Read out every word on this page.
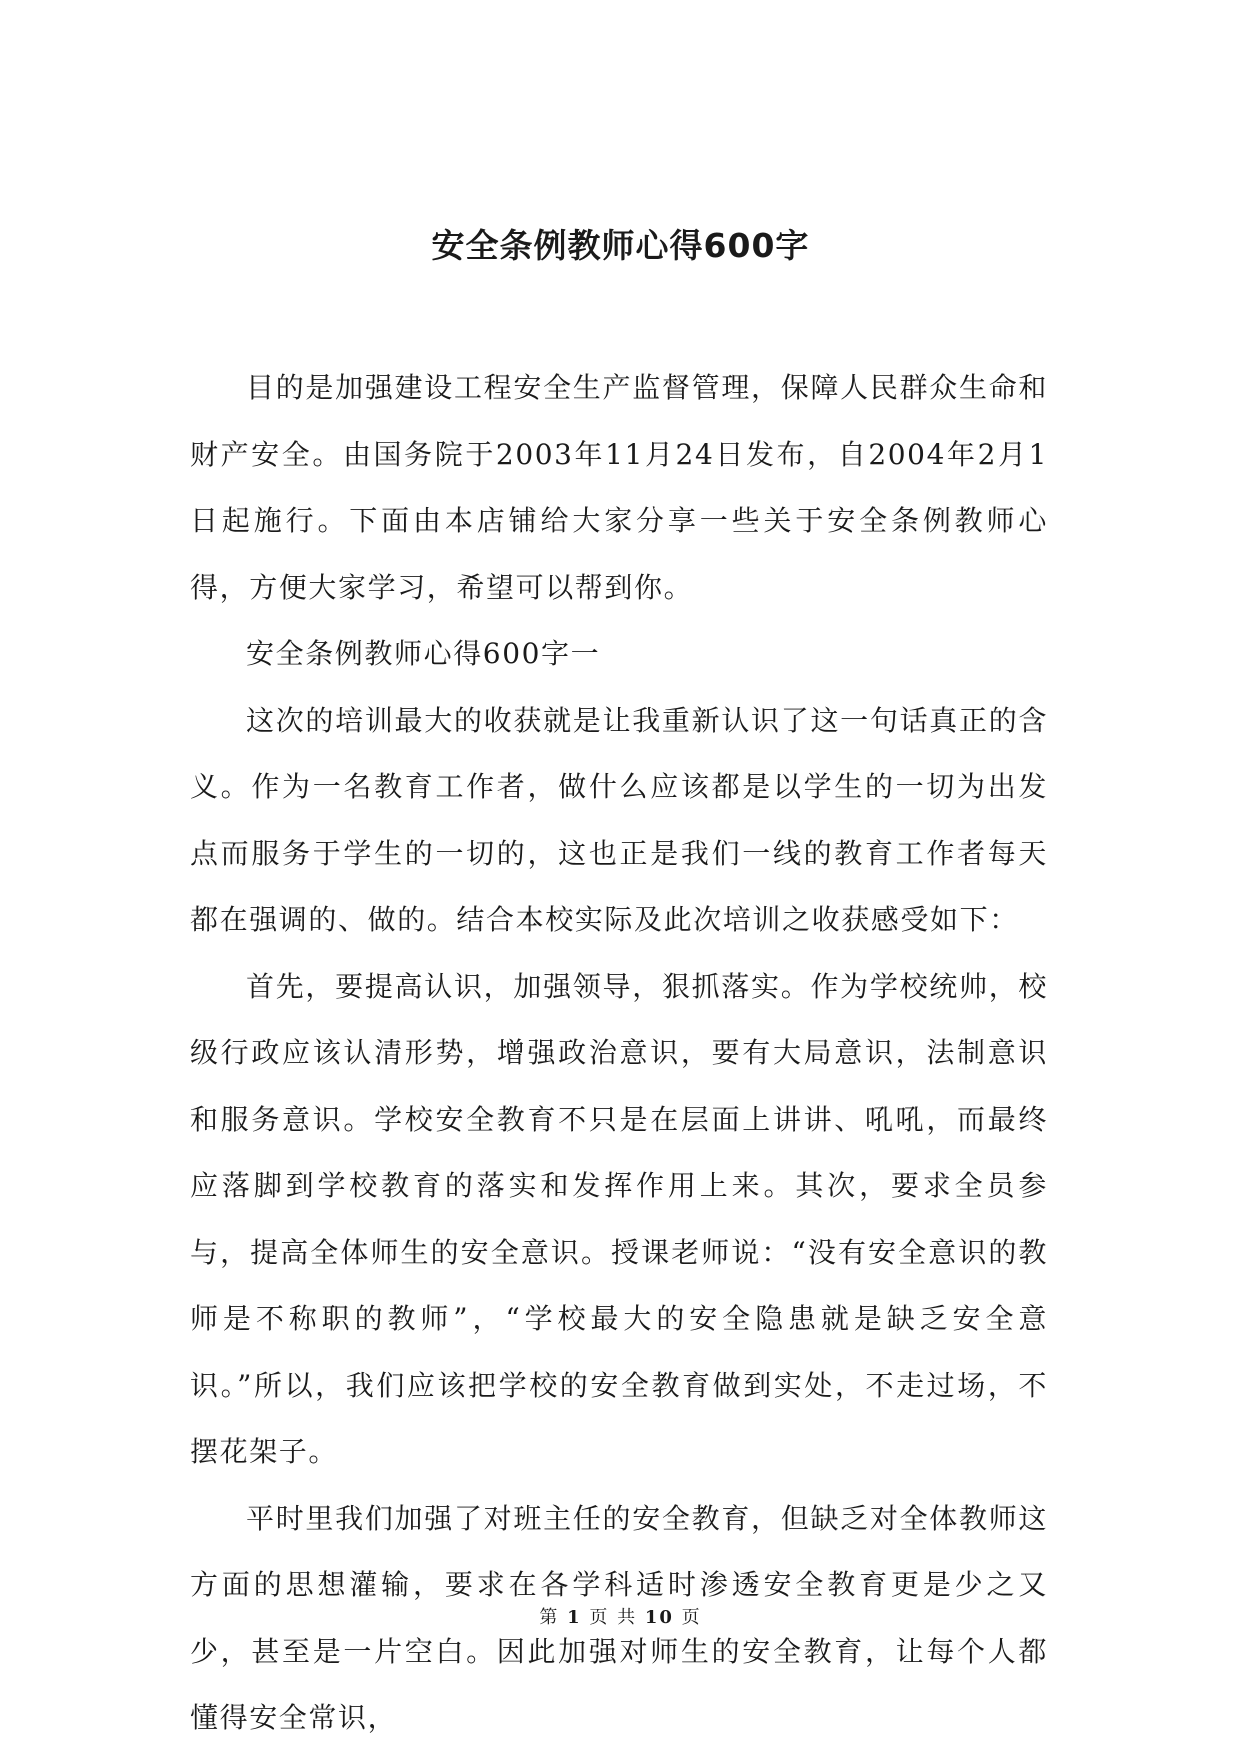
安全条例教师心得600字

目的是加强建设工程安全生产监督管理，保障人民群众生命和财产安全。由国务院于2003年11月24日发布，自2004年2月1日起施行。下面由本店铺给大家分享一些关于安全条例教师心得，方便大家学习，希望可以帮到你。

安全条例教师心得600字一

这次的培训最大的收获就是让我重新认识了这一句话真正的含义。作为一名教育工作者，做什么应该都是以学生的一切为出发点而服务于学生的一切的，这也正是我们一线的教育工作者每天都在强调的、做的。结合本校实际及此次培训之收获感受如下：

首先，要提高认识，加强领导，狠抓落实。作为学校统帅，校级行政应该认清形势，增强政治意识，要有大局意识，法制意识和服务意识。学校安全教育不只是在层面上讲讲、吼吼，而最终应落脚到学校教育的落实和发挥作用上来。其次，要求全员参与，提高全体师生的安全意识。授课老师说：“没有安全意识的教师是不称职的教师”，“学校最大的安全隐患就是缺乏安全意识。”所以，我们应该把学校的安全教育做到实处，不走过场，不摆花架子。

平时里我们加强了对班主任的安全教育，但缺乏对全体教师这方面的思想灌输，要求在各学科适时渗透安全教育更是少之又少，甚至是一片空白。因此加强对师生的安全教育，让每个人都懂得安全常识，

第 1 页 共 10 页
